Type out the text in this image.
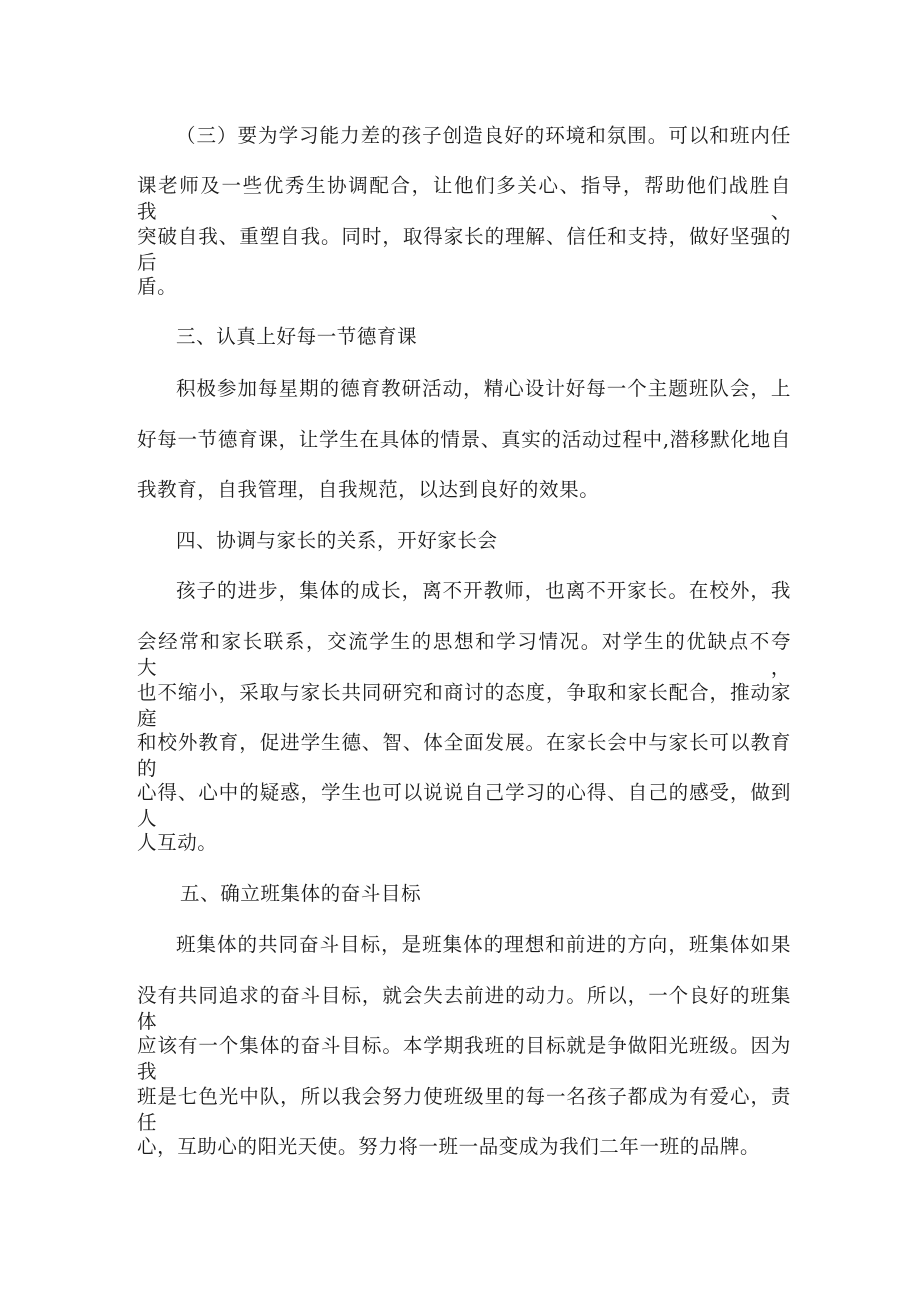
（三）要为学习能力差的孩子创造良好的环境和氛围。可以和班内任
课老师及一些优秀生协调配合，让他们多关心、指导，帮助他们战胜自我、
突破自我、重塑自我。同时，取得家长的理解、信任和支持，做好坚强的后
盾。
三、认真上好每一节德育课
积极参加每星期的德育教研活动，精心设计好每一个主题班队会，上
好每一节德育课，让学生在具体的情景、真实的活动过程中,潜移默化地自
我教育，自我管理，自我规范，以达到良好的效果。
四、协调与家长的关系，开好家长会
孩子的进步，集体的成长，离不开教师，也离不开家长。在校外，我
会经常和家长联系，交流学生的思想和学习情况。对学生的优缺点不夸大，
也不缩小，采取与家长共同研究和商讨的态度，争取和家长配合，推动家庭
和校外教育，促进学生德、智、体全面发展。在家长会中与家长可以教育的
心得、心中的疑惑，学生也可以说说自己学习的心得、自己的感受，做到人
人互动。
五、确立班集体的奋斗目标
班集体的共同奋斗目标，是班集体的理想和前进的方向，班集体如果
没有共同追求的奋斗目标，就会失去前进的动力。所以，一个良好的班集体
应该有一个集体的奋斗目标。本学期我班的目标就是争做阳光班级。因为我
班是七色光中队，所以我会努力使班级里的每一名孩子都成为有爱心，责任
心，互助心的阳光天使。努力将一班一品变成为我们二年一班的品牌。
